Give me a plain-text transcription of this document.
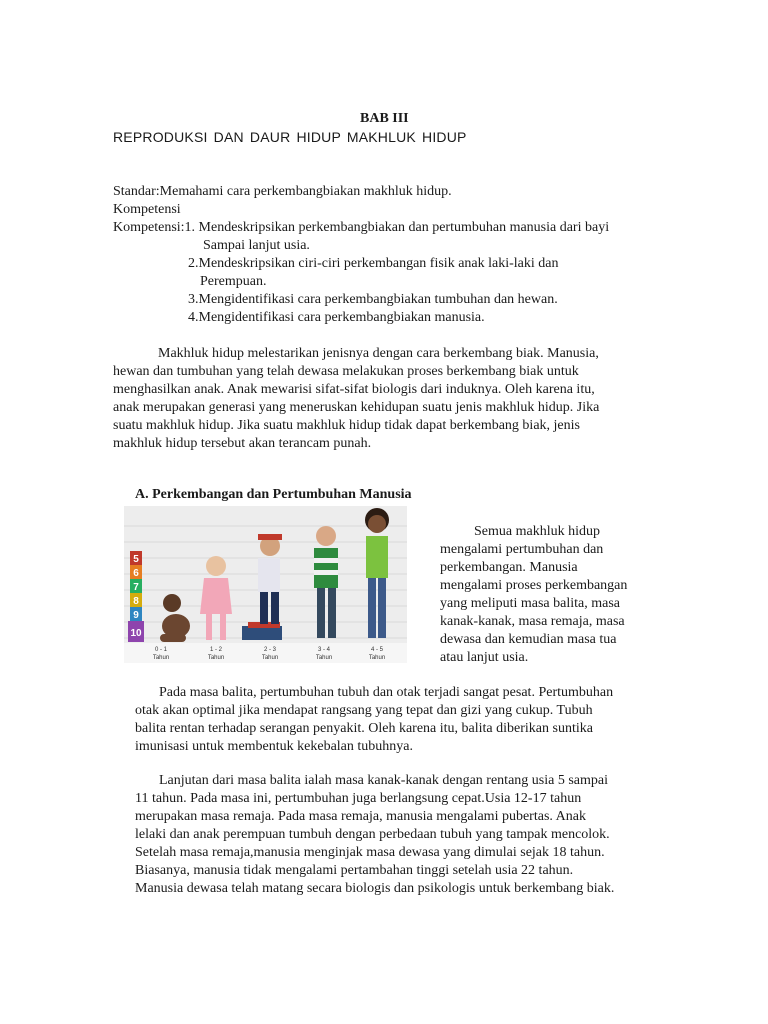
BAB III
REPRODUKSI DAN DAUR HIDUP MAKHLUK HIDUP
Standar:Memahami cara perkembangbiakan makhluk hidup.
Kompetensi
Kompetensi:1. Mendeskripsikan perkembangbiakan dan pertumbuhan manusia dari bayi
Sampai lanjut usia.
2.Mendeskripsikan ciri-ciri perkembangan fisik anak laki-laki dan
Perempuan.
3.Mengidentifikasi cara perkembangbiakan tumbuhan dan hewan.
4.Mengidentifikasi cara perkembangbiakan manusia.
Makhluk hidup melestarikan jenisnya dengan cara berkembang biak. Manusia,
hewan dan tumbuhan yang telah dewasa melakukan proses berkembang biak untuk
menghasilkan anak. Anak mewarisi sifat-sifat biologis dari induknya. Oleh karena itu,
anak merupakan generasi yang meneruskan kehidupan suatu jenis makhluk hidup. Jika
suatu makhluk hidup. Jika suatu makhluk hidup tidak dapat berkembang biak, jenis
makhluk hidup tersebut akan terancam punah.
A. Perkembangan dan Pertumbuhan Manusia
5
6
7
8
9
10
0 - 1
Tahun
1 - 2
Tahun
2 - 3
Tahun
3 - 4
Tahun
4 - 5
Tahun
Semua makhluk hidup
mengalami pertumbuhan dan
perkembangan. Manusia
mengalami proses perkembangan
yang meliputi masa balita, masa
kanak-kanak, masa remaja, masa
dewasa dan kemudian masa tua
atau lanjut usia.
Pada masa balita, pertumbuhan tubuh dan otak terjadi sangat pesat. Pertumbuhan
otak akan optimal jika mendapat rangsang yang tepat dan gizi yang cukup. Tubuh
balita rentan terhadap serangan penyakit. Oleh karena itu, balita diberikan suntika
imunisasi untuk membentuk kekebalan tubuhnya.
Lanjutan dari masa balita ialah masa kanak-kanak dengan rentang usia 5 sampai
11 tahun. Pada masa ini, pertumbuhan juga berlangsung cepat.Usia 12-17 tahun
merupakan masa remaja. Pada masa remaja, manusia mengalami pubertas. Anak
lelaki dan anak perempuan tumbuh dengan perbedaan tubuh yang tampak mencolok.
Setelah masa remaja,manusia menginjak masa dewasa yang dimulai sejak 18 tahun.
Biasanya, manusia tidak mengalami pertambahan tinggi setelah usia 22 tahun.
Manusia dewasa telah matang secara biologis dan psikologis untuk berkembang biak.
